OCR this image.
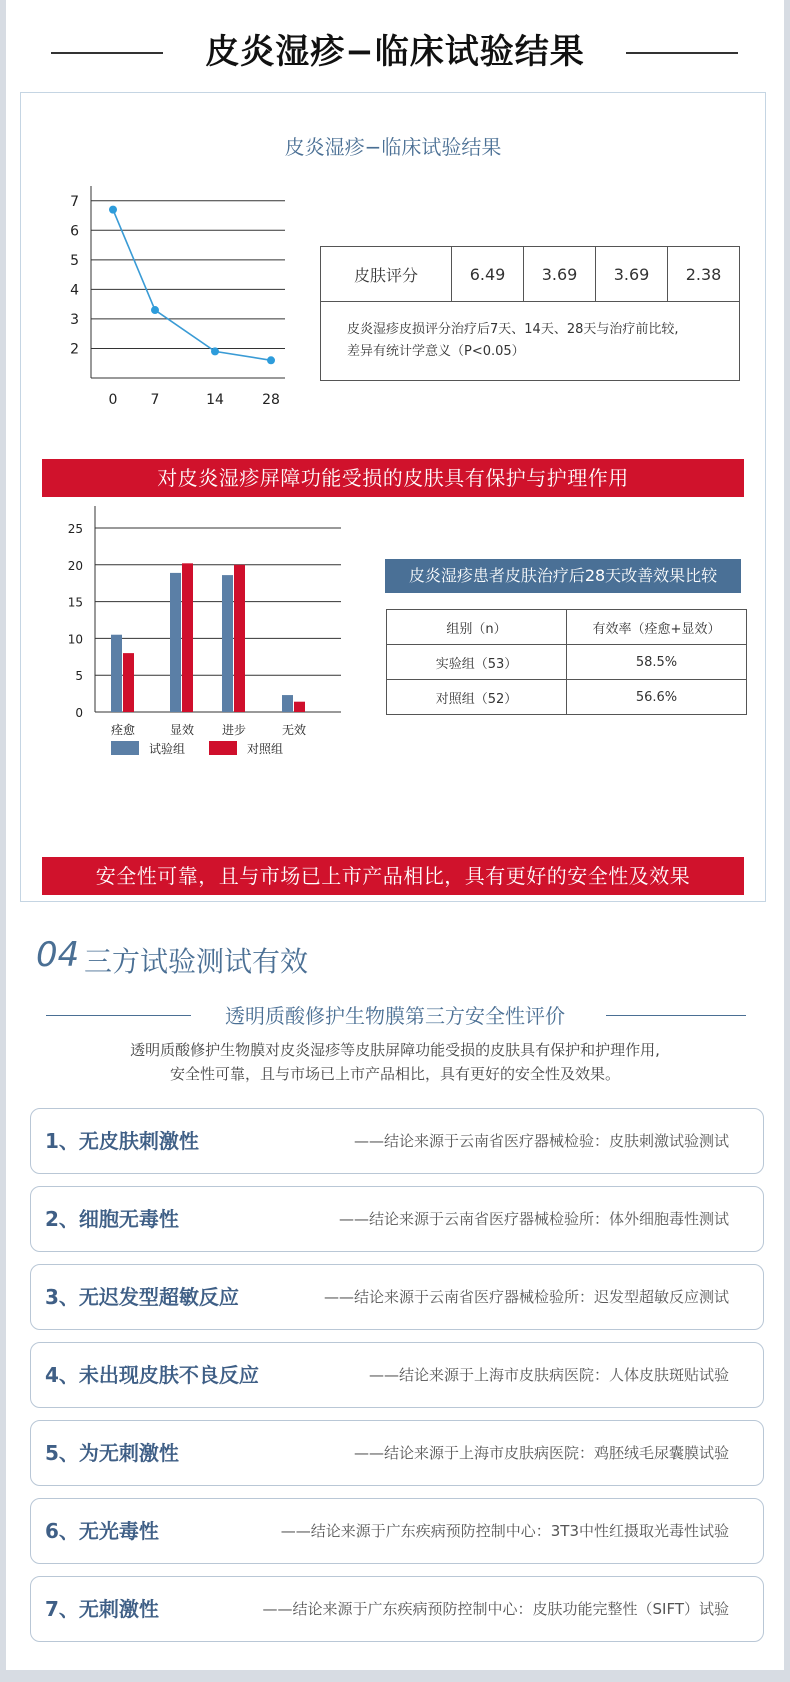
皮炎湿疹−临床试验结果
皮炎湿疹−临床试验结果
7
6
5
4
3
2
0 7	14	28
皮肤评分	6.49	3.69	3.69	2.38

皮炎湿疹皮损评分治疗后7天、14天、28天与治疗前比较,
差异有统计学意义（P<0.05）
对皮炎湿疹屏障功能受损的皮肤具有保护与护理作用
0
5
10
15
20
25
痊愈	显效 进步	无效
试验组	对照组
皮炎湿疹患者皮肤治疗后28天改善效果比较
组别（n）	有效率（痊愈+显效）
实验组（53）	58.5%
对照组（52）	56.6%
安全性可靠，且与市场已上市产品相比，具有更好的安全性及效果
04 三方试验测试有效
透明质酸修护生物膜第三方安全性评价
透明质酸修护生物膜对皮炎湿疹等皮肤屏障功能受损的皮肤具有保护和护理作用,
安全性可靠，且与市场已上市产品相比，具有更好的安全性及效果。
1、无皮肤刺激性	——结论来源于云南省医疗器械检验：皮肤刺激试验测试
2、细胞无毒性	——结论来源于云南省医疗器械检验所：体外细胞毒性测试
3、无迟发型超敏反应	——结论来源于云南省医疗器械检验所：迟发型超敏反应测试
4、未出现皮肤不良反应	——结论来源于上海市皮肤病医院：人体皮肤斑贴试验
5、为无刺激性	——结论来源于上海市皮肤病医院：鸡胚绒毛尿囊膜试验
6、无光毒性	——结论来源于广东疾病预防控制中心：3T3中性红摄取光毒性试验
7、无刺激性	——结论来源于广东疾病预防控制中心：皮肤功能完整性（SIFT）试验
